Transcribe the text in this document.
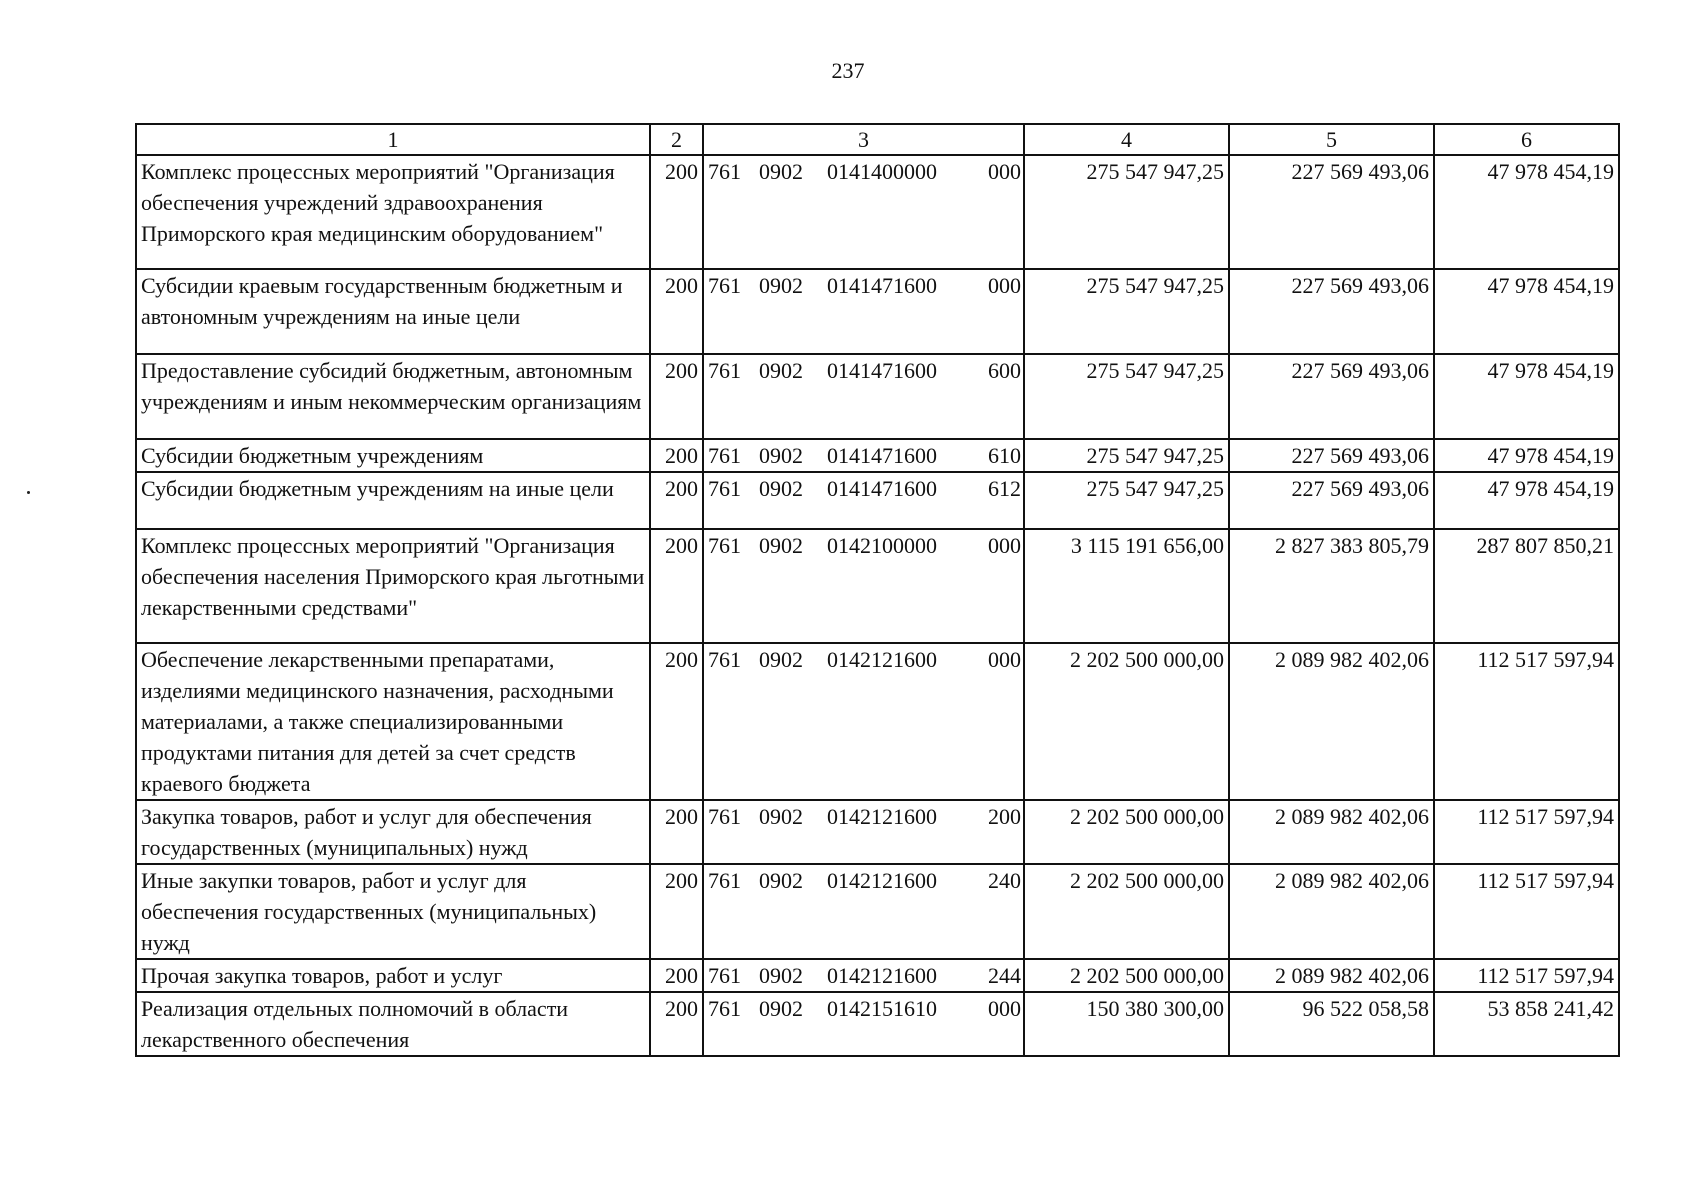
237
1	2	3	4	5	6
Комплекс процессных мероприятий "Организация обеспечения учреждений здравоохранения Приморского края медицинским оборудованием"	200	761 0902 0141400000 000	275 547 947,25	227 569 493,06	47 978 454,19
Субсидии краевым государственным бюджетным и автономным учреждениям на иные цели	200	761 0902 0141471600 000	275 547 947,25	227 569 493,06	47 978 454,19
Предоставление субсидий бюджетным, автономным учреждениям и иным некоммерческим организациям	200	761 0902 0141471600 600	275 547 947,25	227 569 493,06	47 978 454,19
Субсидии бюджетным учреждениям	200	761 0902 0141471600 610	275 547 947,25	227 569 493,06	47 978 454,19
Субсидии бюджетным учреждениям на иные цели	200	761 0902 0141471600 612	275 547 947,25	227 569 493,06	47 978 454,19
Комплекс процессных мероприятий "Организация обеспечения населения Приморского края льготными лекарственными средствами"	200	761 0902 0142100000 000	3 115 191 656,00	2 827 383 805,79	287 807 850,21
Обеспечение лекарственными препаратами, изделиями медицинского назначения, расходными материалами, а также специализированными продуктами питания для детей за счет средств краевого бюджета	200	761 0902 0142121600 000	2 202 500 000,00	2 089 982 402,06	112 517 597,94
Закупка товаров, работ и услуг для обеспечения государственных (муниципальных) нужд	200	761 0902 0142121600 200	2 202 500 000,00	2 089 982 402,06	112 517 597,94
Иные закупки товаров, работ и услуг для обеспечения государственных (муниципальных) нужд	200	761 0902 0142121600 240	2 202 500 000,00	2 089 982 402,06	112 517 597,94
Прочая закупка товаров, работ и услуг	200	761 0902 0142121600 244	2 202 500 000,00	2 089 982 402,06	112 517 597,94
Реализация отдельных полномочий в области лекарственного обеспечения	200	761 0902 0142151610 000	150 380 300,00	96 522 058,58	53 858 241,42
